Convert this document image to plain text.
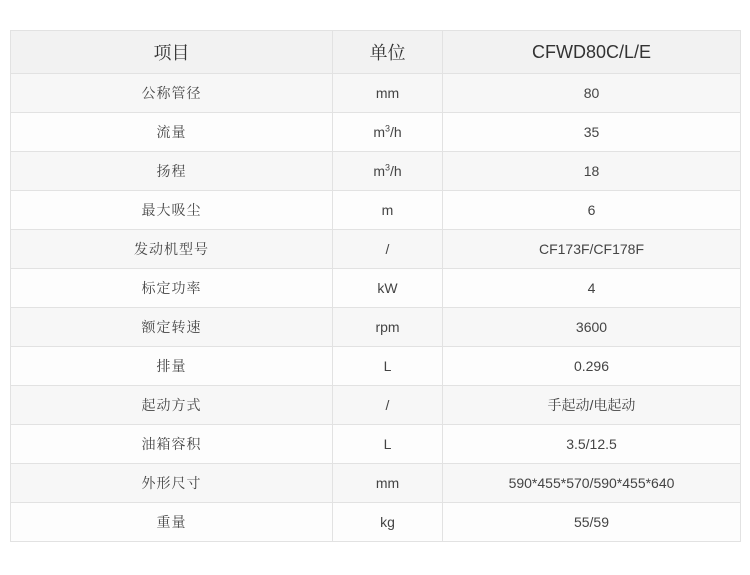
项目	单位	CFWD80C/L/E
公称管径	mm	80
流量	$m^3/h$	35
扬程	$m^3/h$	18
最大吸尘	m	6
发动机型号	/	CF173F/CF178F
标定功率	kW	4
额定转速	rpm	3600
排量	L	0.296
起动方式	/	手起动/电起动
油箱容积	L	3.5/12.5
外形尺寸	mm	590*455*570/590*455*640
重量	kg	55/59
